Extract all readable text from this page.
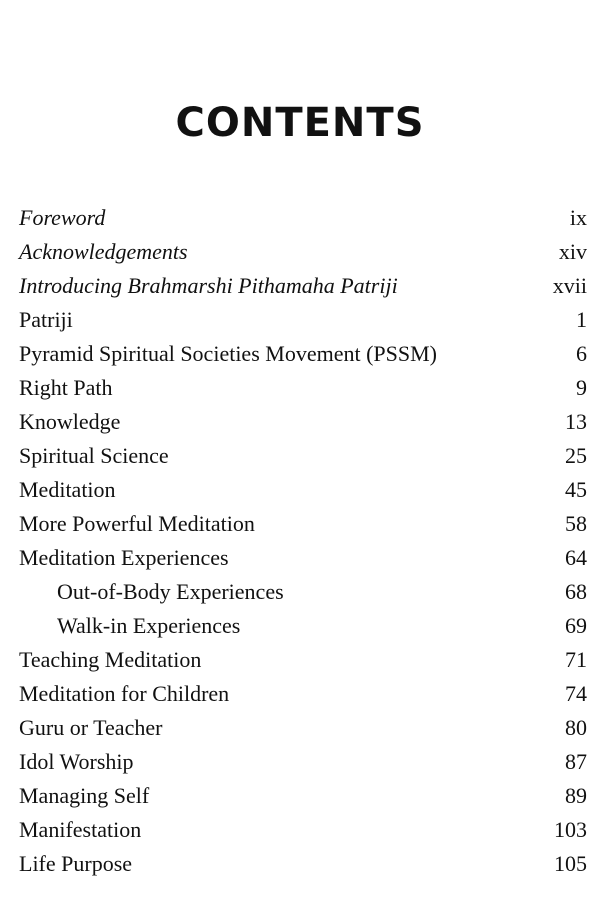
CONTENTS
Foreword	ix
Acknowledgements	xiv
Introducing Brahmarshi Pithamaha Patriji	xvii
Patriji	1
Pyramid Spiritual Societies Movement (PSSM)	6
Right Path	9
Knowledge	13
Spiritual Science	25
Meditation	45
More Powerful Meditation	58
Meditation Experiences	64
Out-of-Body Experiences	68
Walk-in Experiences	69
Teaching Meditation	71
Meditation for Children	74
Guru or Teacher	80
Idol Worship	87
Managing Self	89
Manifestation	103
Life Purpose	105
